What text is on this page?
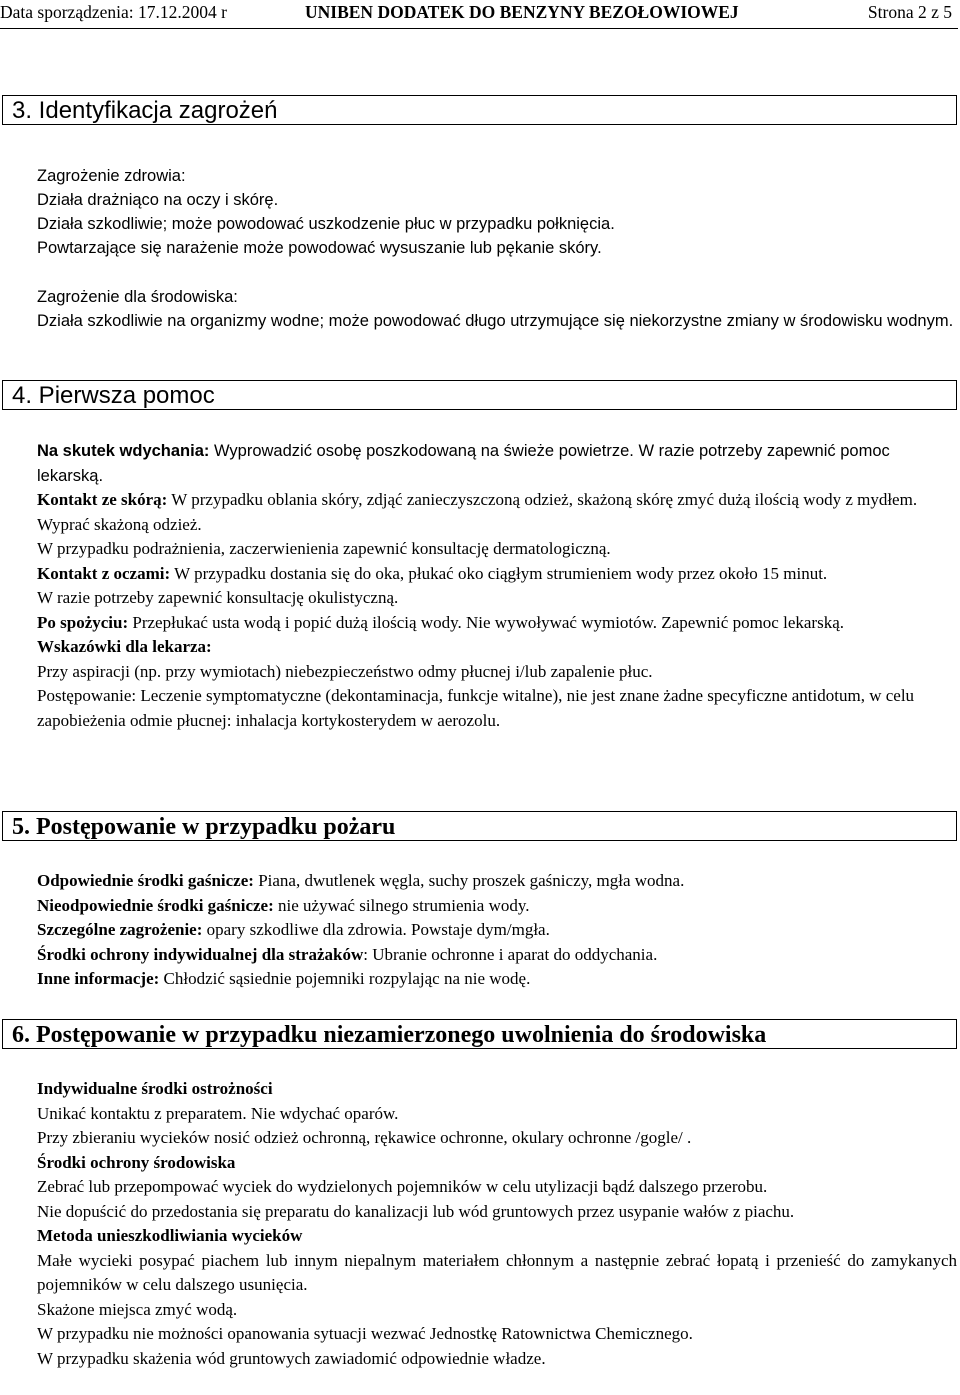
Data sporządzenia: 17.12.2004 r	UNIBEN DODATEK DO BENZYNY BEZOŁOWIOWEJ	Strona 2 z 5
3. Identyfikacja zagrożeń

Zagrożenie zdrowia:

Działa drażniąco na oczy i skórę.

Działa szkodliwie; może powodować uszkodzenie płuc w przypadku połknięcia.

Powtarzające się narażenie może powodować wysuszanie lub pękanie skóry.

Zagrożenie dla środowiska:

Działa szkodliwie na organizmy wodne; może powodować długo utrzymujące się niekorzystne zmiany w środowisku wodnym.

4. Pierwsza pomoc

Na skutek wdychania: Wyprowadzić osobę poszkodowaną na świeże powietrze. W razie potrzeby zapewnić pomoc lekarską.

Kontakt ze skórą: W przypadku oblania skóry, zdjąć zanieczyszczoną odzież, skażoną skórę zmyć dużą ilością wody z mydłem. Wyprać skażoną odzież.

W przypadku podrażnienia, zaczerwienienia zapewnić konsultację dermatologiczną.

Kontakt z oczami: W przypadku dostania się do oka, płukać oko ciągłym strumieniem wody przez około 15 minut.

W razie potrzeby zapewnić konsultację okulistyczną.

Po spożyciu: Przepłukać usta wodą i popić dużą ilością wody. Nie wywoływać wymiotów. Zapewnić pomoc lekarską.

Wskazówki dla lekarza:

Przy aspiracji (np. przy wymiotach) niebezpieczeństwo odmy płucnej i/lub zapalenie płuc.

Postępowanie: Leczenie symptomatyczne (dekontaminacja, funkcje witalne), nie jest znane żadne specyficzne antidotum, w celu zapobieżenia odmie płucnej: inhalacja kortykosterydem w aerozolu.

5. Postępowanie w przypadku pożaru

Odpowiednie środki gaśnicze: Piana, dwutlenek węgla, suchy proszek gaśniczy, mgła wodna.

Nieodpowiednie środki gaśnicze: nie używać silnego strumienia wody.

Szczególne zagrożenie: opary szkodliwe dla zdrowia. Powstaje dym/mgła.

Środki ochrony indywidualnej dla strażaków: Ubranie ochronne i aparat do oddychania.

Inne informacje: Chłodzić sąsiednie pojemniki rozpylając na nie wodę.

6. Postępowanie w przypadku niezamierzonego uwolnienia do środowiska

Indywidualne środki ostrożności

Unikać kontaktu z preparatem. Nie wdychać oparów.

Przy zbieraniu wycieków nosić odzież ochronną, rękawice ochronne, okulary ochronne /gogle/ .

Środki ochrony środowiska

Zebrać lub przepompować wyciek do wydzielonych pojemników w celu utylizacji bądź dalszego przerobu.

Nie dopuścić do przedostania się preparatu do kanalizacji lub wód gruntowych przez usypanie wałów z piachu.

Metoda unieszkodliwiania wycieków

Małe wycieki posypać piachem lub innym niepalnym materiałem chłonnym a następnie zebrać łopatą i przenieść do zamykanych pojemników w celu dalszego usunięcia.

Skażone miejsca zmyć wodą.

W przypadku nie możności opanowania sytuacji wezwać Jednostkę Ratownictwa Chemicznego.

W przypadku skażenia wód gruntowych zawiadomić odpowiednie władze.
